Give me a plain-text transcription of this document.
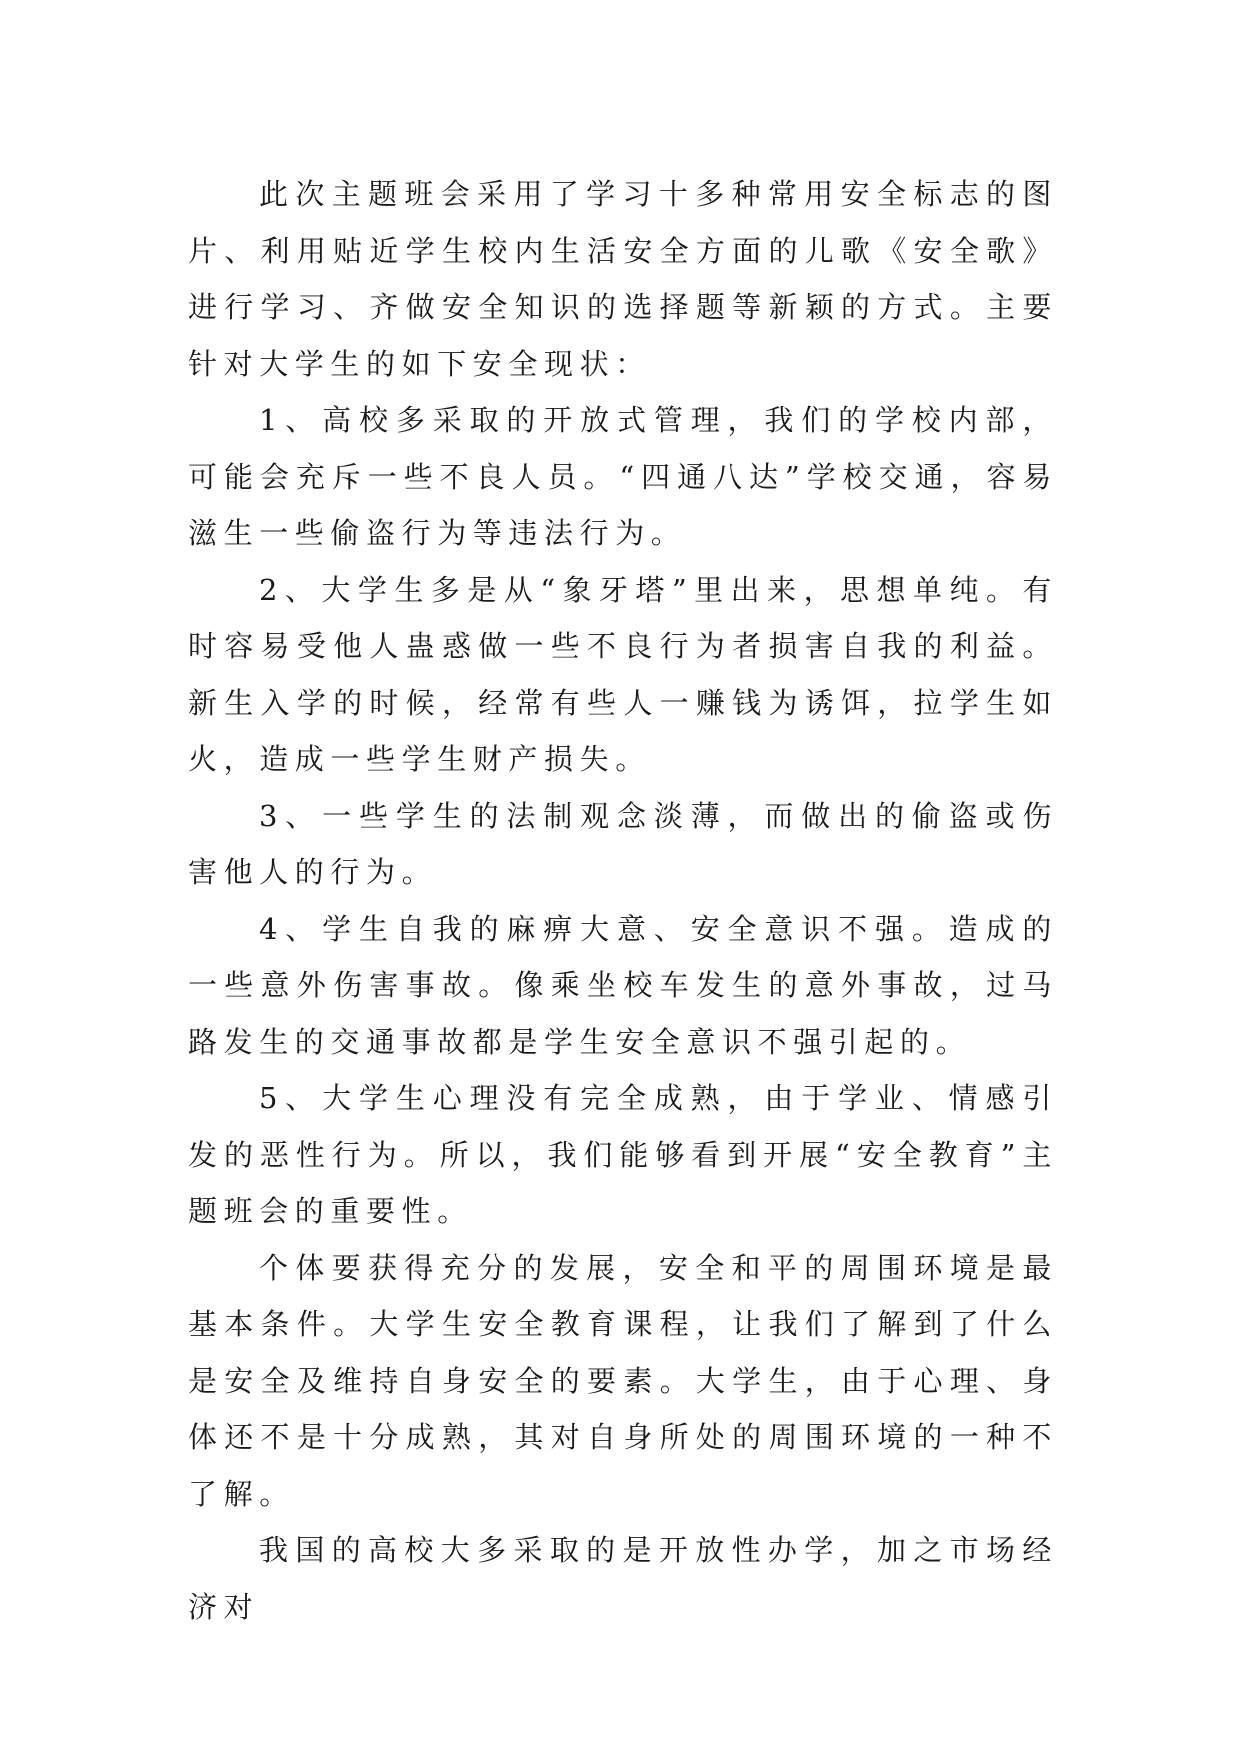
此次主题班会采用了学习十多种常用安全标志的图片、利用贴近学生校内生活安全方面的儿歌《安全歌》进行学习、齐做安全知识的选择题等新颖的方式。主要针对大学生的如下安全现状：

1、高校多采取的开放式管理，我们的学校内部，可能会充斥一些不良人员。“四通八达”学校交通，容易滋生一些偷盗行为等违法行为。

2、大学生多是从“象牙塔”里出来，思想单纯。有时容易受他人蛊惑做一些不良行为者损害自我的利益。新生入学的时候，经常有些人一赚钱为诱饵，拉学生如火，造成一些学生财产损失。

3、一些学生的法制观念淡薄，而做出的偷盗或伤害他人的行为。

4、学生自我的麻痹大意、安全意识不强。造成的一些意外伤害事故。像乘坐校车发生的意外事故，过马路发生的交通事故都是学生安全意识不强引起的。

5、大学生心理没有完全成熟，由于学业、情感引发的恶性行为。所以，我们能够看到开展“安全教育”主题班会的重要性。

个体要获得充分的发展，安全和平的周围环境是最基本条件。大学生安全教育课程，让我们了解到了什么是安全及维持自身安全的要素。大学生，由于心理、身体还不是十分成熟，其对自身所处的周围环境的一种不了解。

我国的高校大多采取的是开放性办学，加之市场经济对
